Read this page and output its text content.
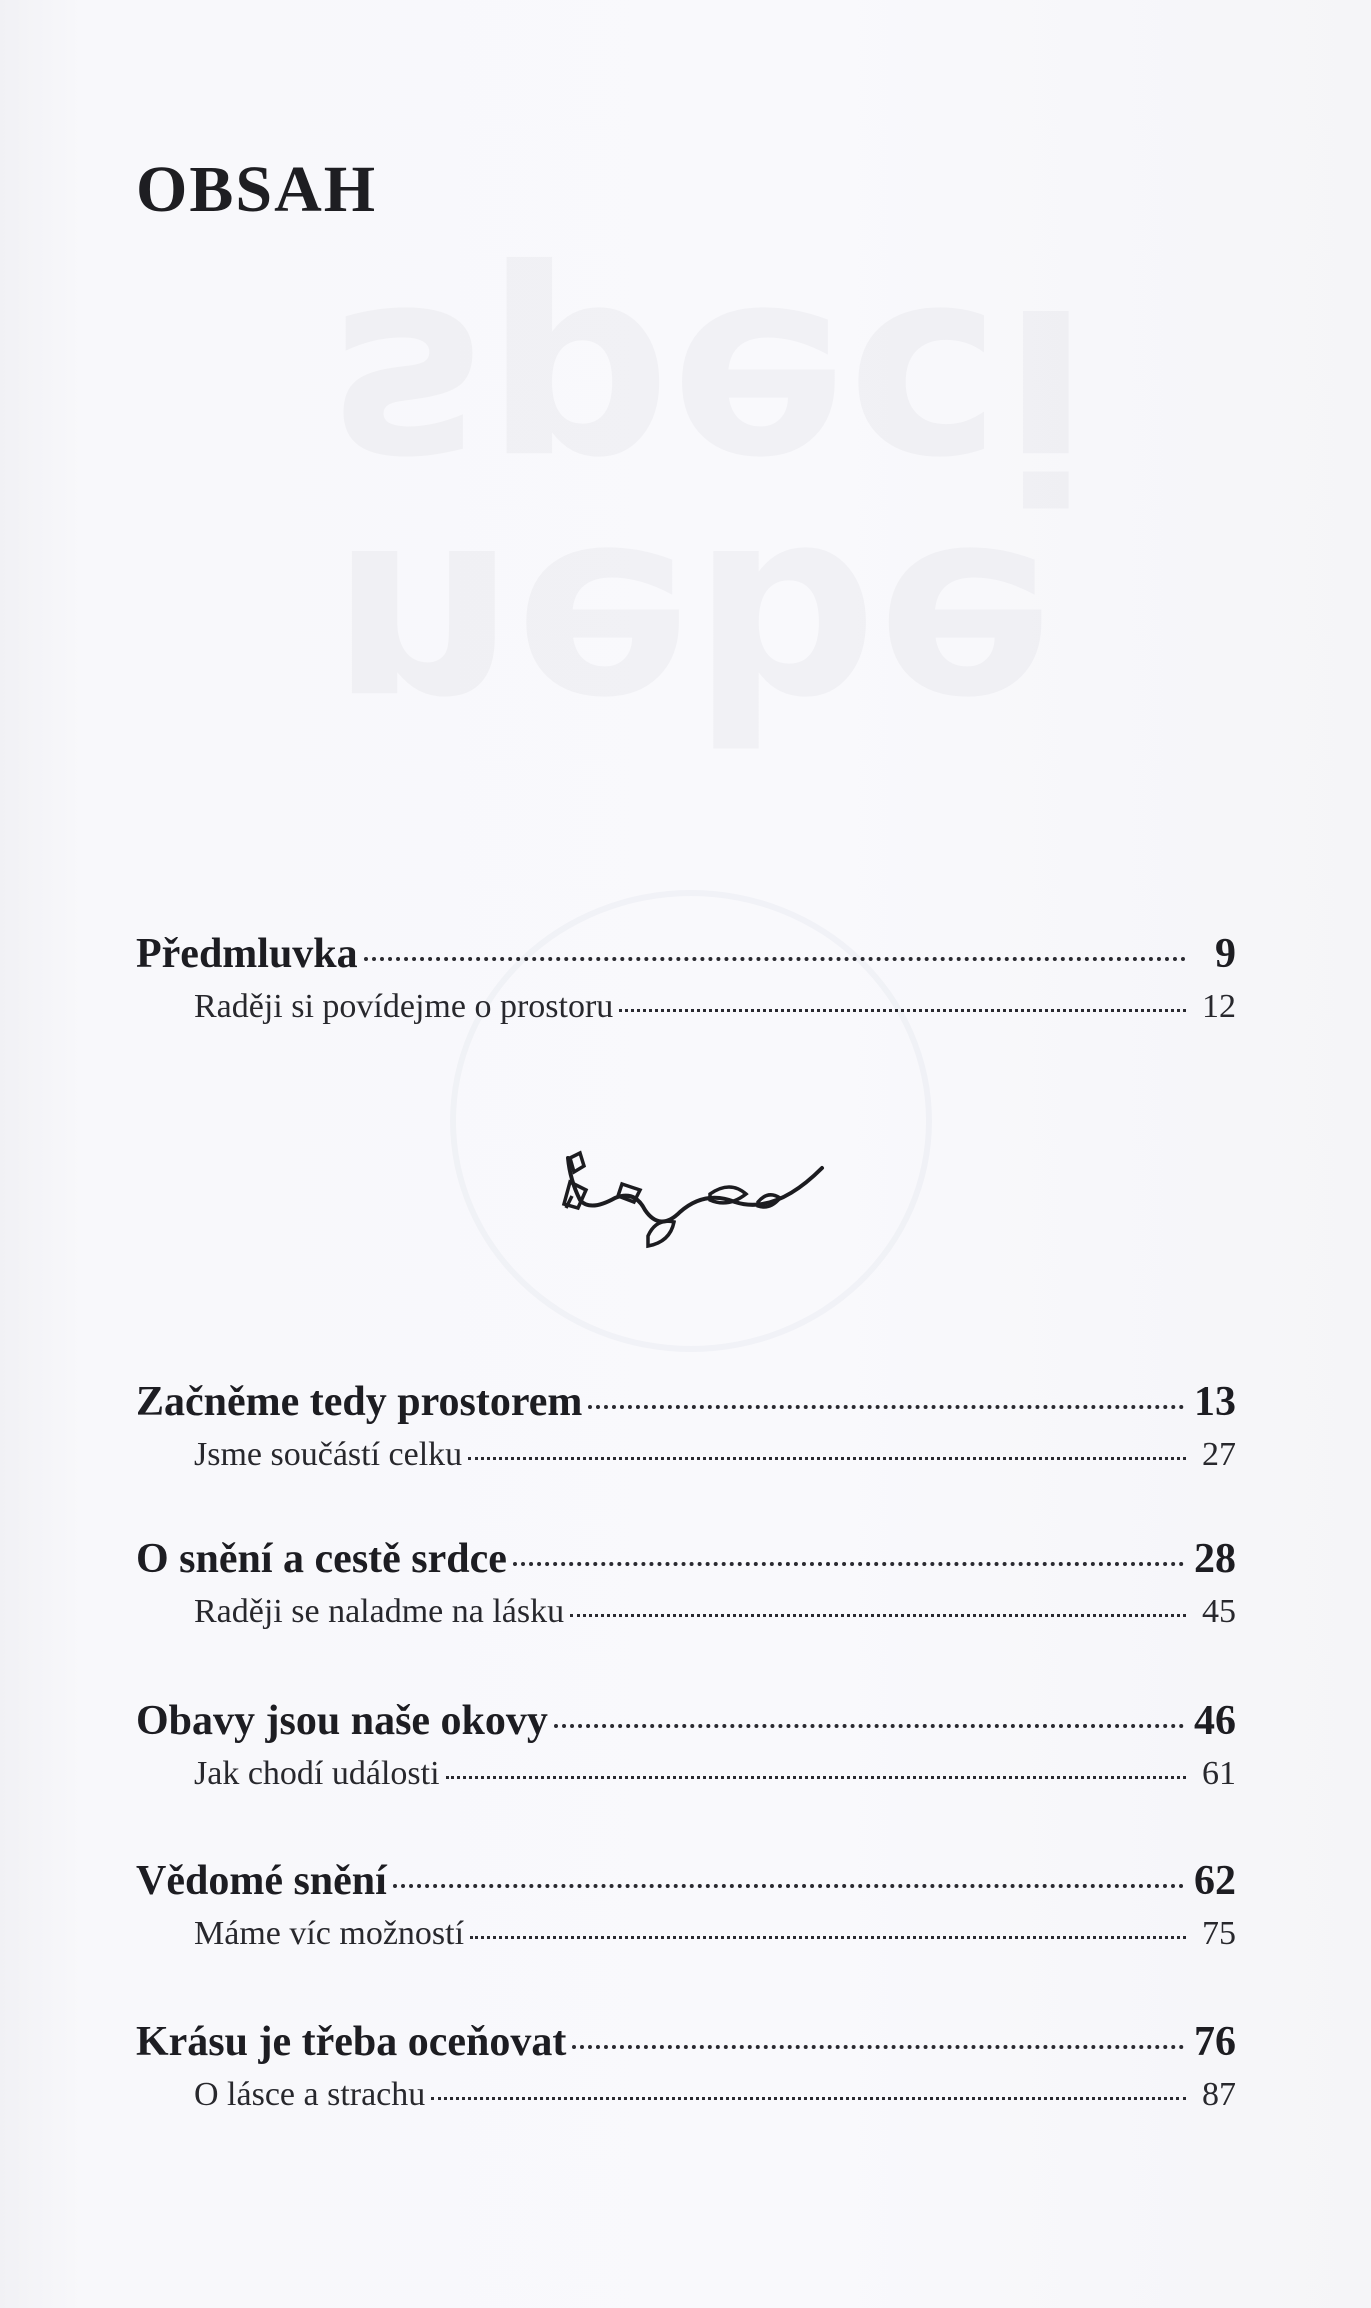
nebe
speci
OBSAH
Předmluvka	9
Raději si povídejme o prostoru	12
Začněme tedy prostorem	13
Jsme součástí celku	27
O snění a cestě srdce	28
Raději se naladme na lásku	45
Obavy jsou naše okovy	46
Jak chodí události	61
Vědomé snění	62
Máme víc možností	75
Krásu je třeba oceňovat	76
O lásce a strachu	87
